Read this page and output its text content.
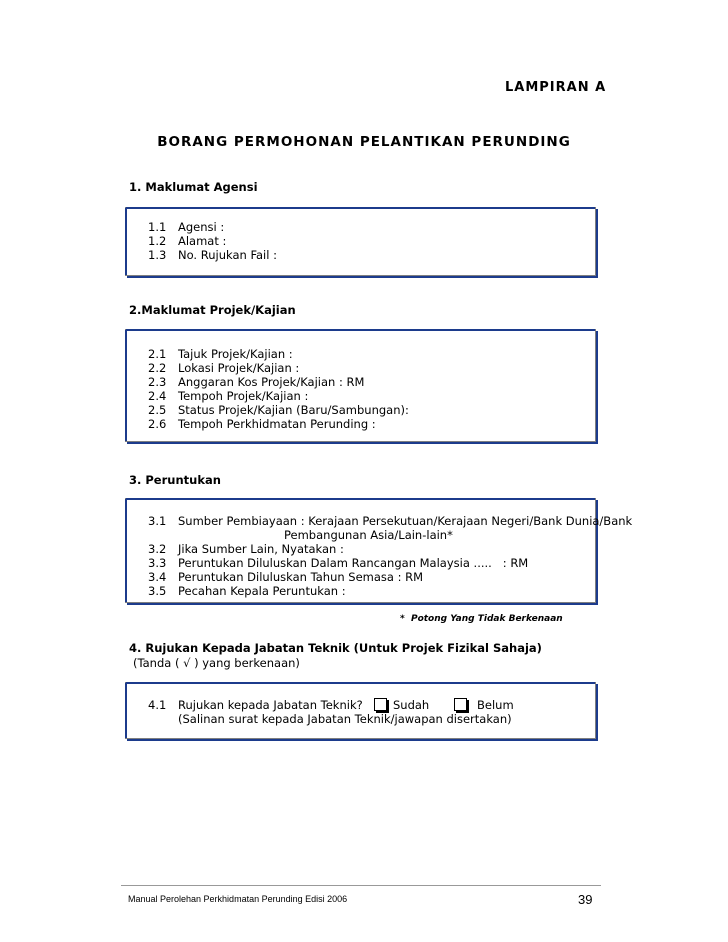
LAMPIRAN A
BORANG PERMOHONAN PELANTIKAN PERUNDING
1. Maklumat Agensi
1.1 Agensi :
1.2 Alamat :
1.3 No. Rujukan Fail :
2.Maklumat Projek/Kajian
2.1 Tajuk Projek/Kajian :
2.2 Lokasi Projek/Kajian :
2.3 Anggaran Kos Projek/Kajian : RM
2.4 Tempoh Projek/Kajian :
2.5 Status Projek/Kajian (Baru/Sambungan):
2.6 Tempoh Perkhidmatan Perunding :
3. Peruntukan
3.1 Sumber Pembiayaan : Kerajaan Persekutuan/Kerajaan Negeri/Bank Dunia/Bank
Pembangunan Asia/Lain-lain*
3.2 Jika Sumber Lain, Nyatakan :
3.3 Peruntukan Diluluskan Dalam Rancangan Malaysia .....   : RM
3.4 Peruntukan Diluluskan Tahun Semasa : RM
3.5 Pecahan Kepala Peruntukan :
*  Potong Yang Tidak Berkenaan
4. Rujukan Kepada Jabatan Teknik (Untuk Projek Fizikal Sahaja)
(Tanda ( √ ) yang berkenaan)
4.1 Rujukan kepada Jabatan Teknik?	Sudah	Belum
(Salinan surat kepada Jabatan Teknik/jawapan disertakan)
Manual Perolehan Perkhidmatan Perunding Edisi 2006	39
